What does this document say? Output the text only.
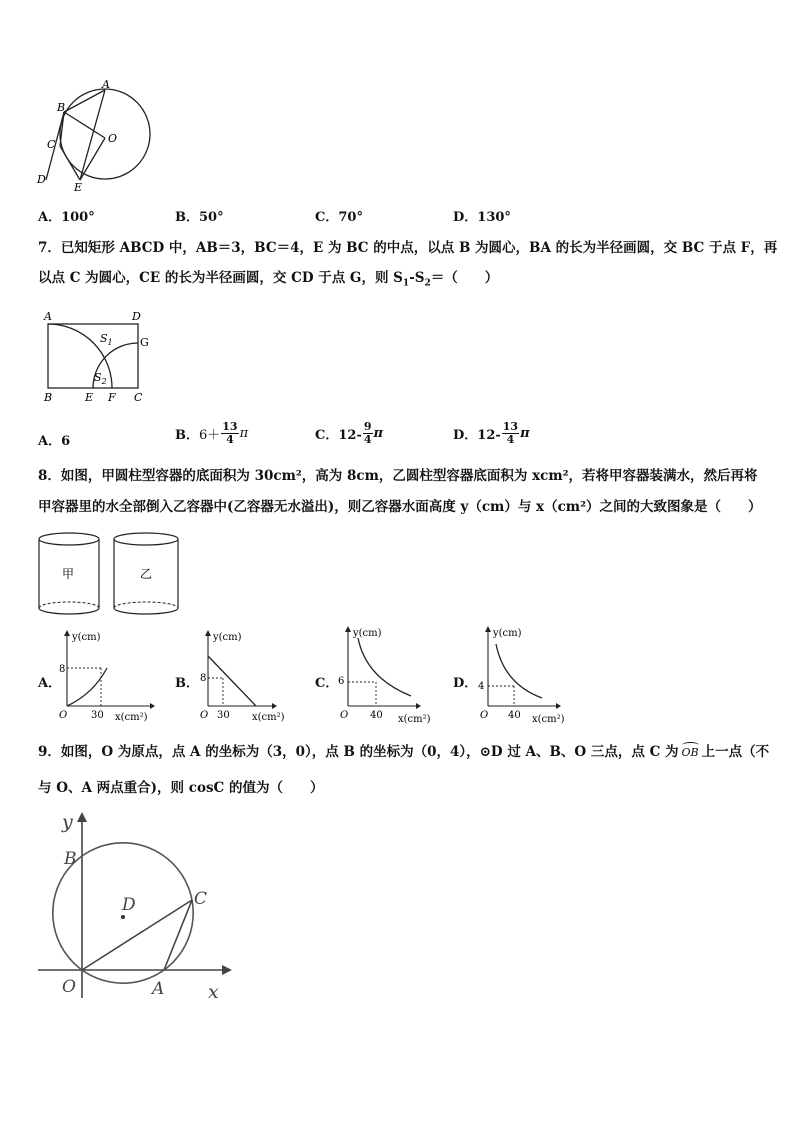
A
B
C
D
E
O
A．100°	B．50°	C．70°	D．130°
7．已知矩形 ABCD 中，AB＝3，BC＝4，E 为 BC 的中点，以点 B 为圆心，BA 的长为半径画圆，交 BC 于点 F，再
以点 C 为圆心，CE 的长为半径画圆，交 CD 于点 G，则 $S_1-S_2=$（　　）
A	D
G
$S_1$
$S_2$
B	E F C
A．6	B． $6+ \frac{13}{4}$ π	C．$12- \frac{9}{4}$ π	D．$12- \frac{13}{4}$ π
8．如图，甲圆柱型容器的底面积为 30cm²，高为 8cm，乙圆柱型容器底面积为 xcm²，若将甲容器装满水，然后再将
甲容器里的水全部倒入乙容器中(乙容器无水溢出)，则乙容器水面高度 y（cm）与 x（cm²）之间的大致图象是（　　）
甲	乙
A．
y(cm)
8
O 30 x(cm²)
B．
y(cm)
8
O 30 x(cm²)
C．
y(cm)
6
O 40 x(cm²)
D．
y(cm)
4
O 40 x(cm²)
9．如图，O 为原点，点 A 的坐标为（3，0），点 B 的坐标为（0，4），⊙D 过 A、B、O 三点，点 C 为 OB 上一点（不
与 O、A 两点重合)，则 cosC 的值为（　　）
y
B
D	C
O	A x
